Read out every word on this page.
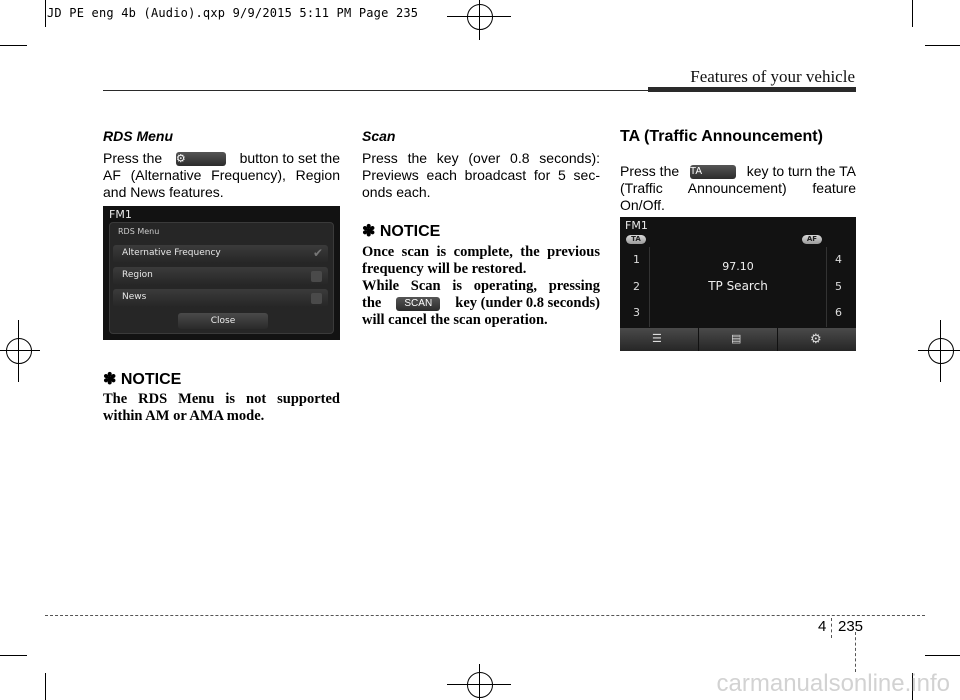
JD PE eng 4b (Audio).qxp 9/9/2015 5:11 PM Page 235
Features of your vehicle
RDS Menu
Press the ⚙	button to set the
AF (Alternative Frequency), Region and News features.
FM1
RDS Menu
Alternative Frequency	✔
Region
News
Close
✽ NOTICE
The RDS Menu is not supported within AM or AMA mode.
Scan
Press the key (over 0.8 seconds): Previews each broadcast for 5 sec-onds each.
✽ NOTICE
Once scan is complete, the previous
frequency will be restored.
While Scan is operating, pressing
the	SCAN	key (under 0.8 seconds)
will cancel the scan operation.
TA (Traffic Announcement)
Press the TA	key to turn the TA
(Traffic Announcement) feature On/Off.
FM1
TA	AF
1
2
3
4
5
6
97.10
TP Search
☰	▤	⚙
4 235
carmanualsonline.info
